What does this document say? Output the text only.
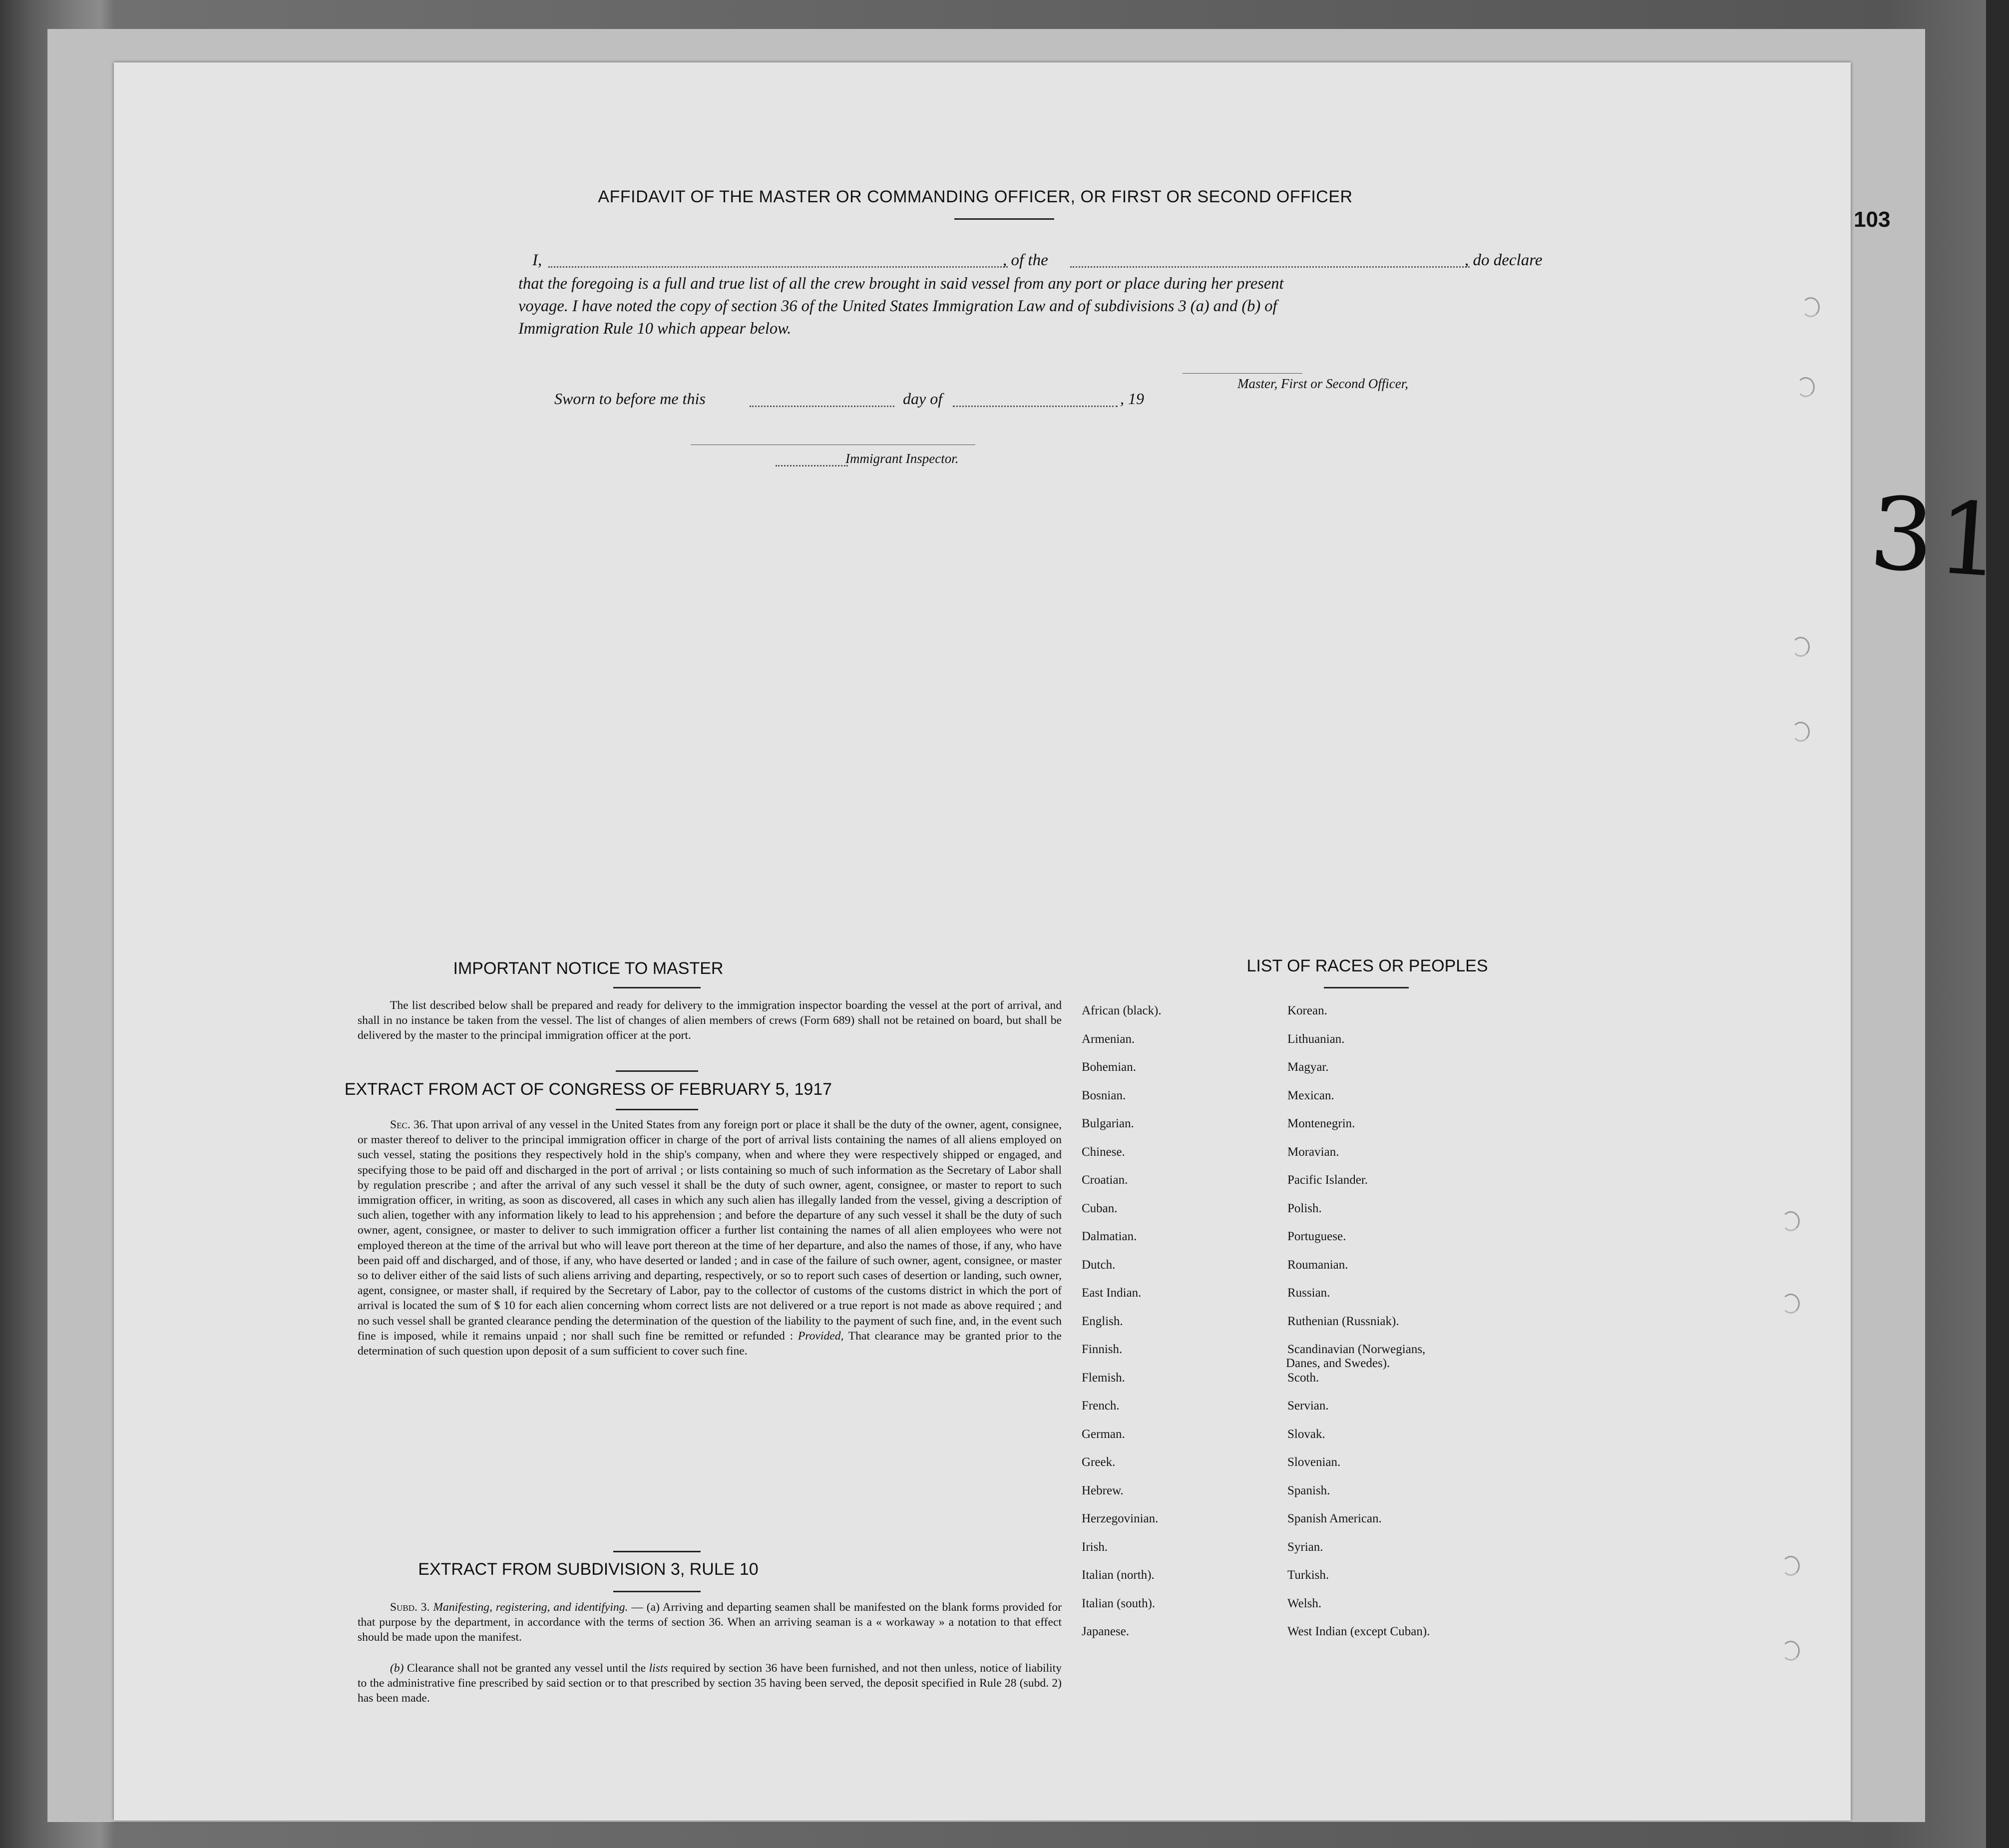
AFFIDAVIT OF THE MASTER OR COMMANDING OFFICER, OR FIRST OR SECOND OFFICER
I,	, of the	, do declare
that the foregoing is a full and true list of all the crew brought in said vessel from any port or place during her present
voyage. I have noted the copy of section 36 of the United States Immigration Law and of subdivisions 3 (a) and (b) of
Immigration Rule 10 which appear below.
Master, First or Second Officer,
Sworn to before me this	day of	, 19
Immigrant Inspector.
IMPORTANT NOTICE TO MASTER
The list described below shall be prepared and ready for delivery to the immigration inspector boarding the vessel at the port of arrival, and shall in no instance be taken from the vessel. The list of changes of alien members of crews (Form 689) shall not be retained on board, but shall be delivered by the master to the principal immigration officer at the port.
EXTRACT FROM ACT OF CONGRESS OF FEBRUARY 5, 1917
Sec. 36. That upon arrival of any vessel in the United States from any foreign port or place it shall be the duty of the owner, agent, consignee, or master thereof to deliver to the principal immigration officer in charge of the port of arrival lists containing the names of all aliens employed on such vessel, stating the positions they respectively hold in the ship's company, when and where they were respectively shipped or engaged, and specifying those to be paid off and discharged in the port of arrival ; or lists containing so much of such information as the Secretary of Labor shall by regulation prescribe ; and after the arrival of any such vessel it shall be the duty of such owner, agent, consignee, or master to report to such immigration officer, in writing, as soon as discovered, all cases in which any such alien has illegally landed from the vessel, giving a description of such alien, together with any information likely to lead to his apprehension ; and before the departure of any such vessel it shall be the duty of such owner, agent, consignee, or master to deliver to such immigration officer a further list containing the names of all alien employees who were not employed thereon at the time of the arrival but who will leave port thereon at the time of her departure, and also the names of those, if any, who have been paid off and discharged, and of those, if any, who have deserted or landed ; and in case of the failure of such owner, agent, consignee, or master so to deliver either of the said lists of such aliens arriving and departing, respectively, or so to report such cases of desertion or landing, such owner, agent, consignee, or master shall, if required by the Secretary of Labor, pay to the collector of customs of the customs district in which the port of arrival is located the sum of $ 10 for each alien concerning whom correct lists are not delivered or a true report is not made as above required ; and no such vessel shall be granted clearance pending the determination of the question of the liability to the payment of such fine, and, in the event such fine is imposed, while it remains unpaid ; nor shall such fine be remitted or refunded : Provided, That clearance may be granted prior to the determination of such question upon deposit of a sum sufficient to cover such fine.
EXTRACT FROM SUBDIVISION 3, RULE 10
Subd. 3. Manifesting, registering, and identifying. — (a) Arriving and departing seamen shall be manifested on the blank forms provided for that purpose by the department, in accordance with the terms of section 36. When an arriving seaman is a « workaway » a notation to that effect should be made upon the manifest.
(b) Clearance shall not be granted any vessel until the lists required by section 36 have been furnished, and not then unless, notice of liability to the administrative fine prescribed by said section or to that prescribed by section 35 having been served, the deposit specified in Rule 28 (subd. 2) has been made.
LIST OF RACES OR PEOPLES
African (black).
Armenian.
Bohemian.
Bosnian.
Bulgarian.
Chinese.
Croatian.
Cuban.
Dalmatian.
Dutch.
East Indian.
English.
Finnish.
Flemish.
French.
German.
Greek.
Hebrew.
Herzegovinian.
Irish.
Italian (north).
Italian (south).
Japanese.
Korean.
Lithuanian.
Magyar.
Mexican.
Montenegrin.
Moravian.
Pacific Islander.
Polish.
Portuguese.
Roumanian.
Russian.
Ruthenian (Russniak).
Scandinavian (Norwegians,
Danes, and Swedes).
Scoth.
Servian.
Slovak.
Slovenian.
Spanish.
Spanish American.
Syrian.
Turkish.
Welsh.
West Indian (except Cuban).
103
31
